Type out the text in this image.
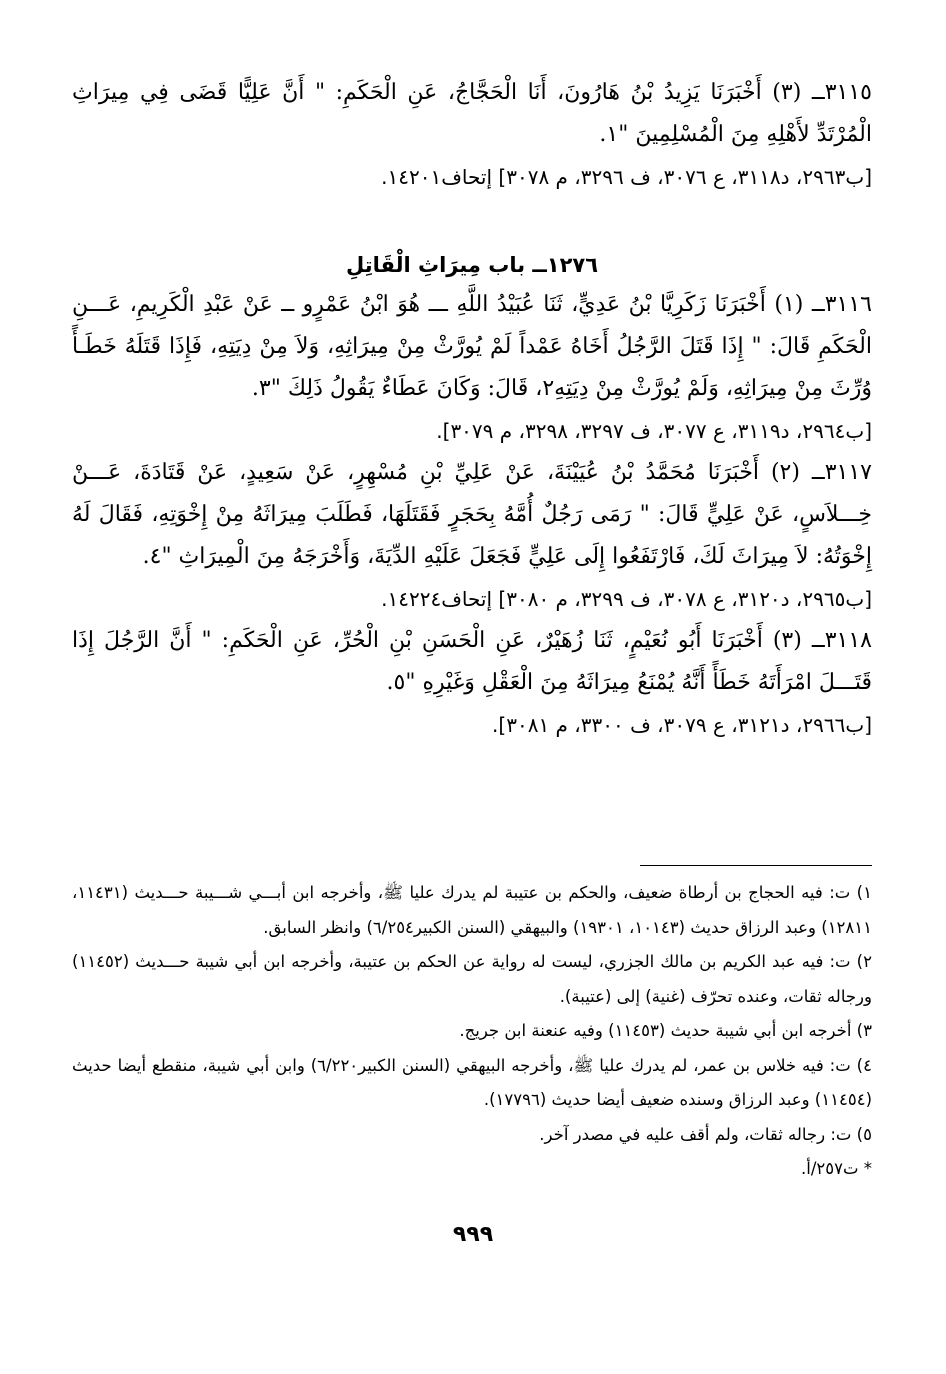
٣١١٥ــ (٣) أَخْبَرَنَا يَزِيدُ بْنُ هَارُونَ، أَنَا الْحَجَّاجُ، عَنِ الْحَكَمِ: " أَنَّ عَلِيًّا قَضَى فِي مِيرَاثِ الْمُرْتَدِّ لأَهْلِهِ مِنَ الْمُسْلِمِينَ "١.
[ب٢٩٦٣، د٣١١٨، ع ٣٠٧٦، ف ٣٢٩٦، م ٣٠٧٨] إتحاف١٤٢٠١.
١٢٧٦ــ باب مِيرَاثِ الْقَاتِلِ
٣١١٦ــ (١) أَخْبَرَنَا زَكَرِيَّا بْنُ عَدِيٍّ، ثَنَا عُبَيْدُ اللَّهِ ـــ هُوَ ابْنُ عَمْرٍو ــ عَنْ عَبْدِ الْكَرِيمِ، عَـــنِ الْحَكَمِ قَالَ: " إِذَا قَتَلَ الرَّجُلُ أَخَاهُ عَمْداً لَمْ يُورَّثْ مِنْ مِيرَاثِهِ، وَلاَ مِنْ دِيَتِهِ، فَإِذَا قَتَلَهُ خَطَـأً وُرِّثَ مِنْ مِيرَاثِهِ، وَلَمْ يُورَّثْ مِنْ دِيَتِهِ٢، قَالَ: وَكَانَ عَطَاءٌ يَقُولُ ذَلِكَ "٣.
[ب٢٩٦٤، د٣١١٩، ع ٣٠٧٧، ف ٣٢٩٧، ٣٢٩٨، م ٣٠٧٩].
٣١١٧ــ (٢) أَخْبَرَنَا مُحَمَّدُ بْنُ عُيَيْنَةَ، عَنْ عَلِيِّ بْنِ مُسْهِرٍ، عَنْ سَعِيدٍ، عَنْ قَتَادَةَ، عَـــنْ خِـــلاَسٍ، عَنْ عَلِيٍّ قَالَ: " رَمَى رَجُلٌ أُمَّهُ بِحَجَرٍ فَقَتَلَهَا، فَطَلَبَ مِيرَاثَهُ مِنْ إِخْوَتِهِ، فَقَالَ لَهُ إِخْوَتُهُ: لاَ مِيرَاثَ لَكَ، فَارْتَفَعُوا إِلَى عَلِيٍّ فَجَعَلَ عَلَيْهِ الدِّيَةَ، وَأَخْرَجَهُ مِنَ الْمِيرَاثِ "٤.
[ب٢٩٦٥، د٣١٢٠، ع ٣٠٧٨، ف ٣٢٩٩، م ٣٠٨٠] إتحاف١٤٢٢٤.
٣١١٨ــ (٣) أَخْبَرَنَا أَبُو نُعَيْمٍ، ثَنَا زُهَيْرٌ، عَنِ الْحَسَنِ بْنِ الْحُرِّ، عَنِ الْحَكَمِ: " أَنَّ الرَّجُلَ إِذَا قَتَـــلَ امْرَأَتَهُ خَطَأً أَنَّهُ يُمْنَعُ مِيرَاثَهُ مِنَ الْعَقْلِ وَغَيْرِهِ "٥.
[ب٢٩٦٦، د٣١٢١، ع ٣٠٧٩، ف ٣٣٠٠، م ٣٠٨١].

١) ت: فيه الحجاج بن أرطاة ضعيف، والحكم بن عتيبة لم يدرك عليا ﷺ، وأخرجه ابن أبـــي شـــيبة حـــديث (١١٤٣١، ١٢٨١١) وعبد الرزاق حديث (١٠١٤٣، ١٩٣٠١) والبيهقي (السنن الكبير٦/٢٥٤) وانظر السابق.

٢) ت: فيه عبد الكريم بن مالك الجزري، ليست له رواية عن الحكم بن عتيبة، وأخرجه ابن أبي شيبة حـــديث (١١٤٥٢) ورجاله ثقات، وعنده تحرّف (غنية) إلى (عتيبة).

٣) أخرجه ابن أبي شيبة حديث (١١٤٥٣) وفيه عنعنة ابن جريج.

٤) ت: فيه خلاس بن عمر، لم يدرك عليا ﷺ، وأخرجه البيهقي (السنن الكبير٦/٢٢٠) وابن أبي شيبة، منقطع أيضا حديث (١١٤٥٤) وعبد الرزاق وسنده ضعيف أيضا حديث (١٧٧٩٦).

٥) ت: رجاله ثقات، ولم أقف عليه في مصدر آخر.

* ت٢٥٧/أ.

٩٩٩
